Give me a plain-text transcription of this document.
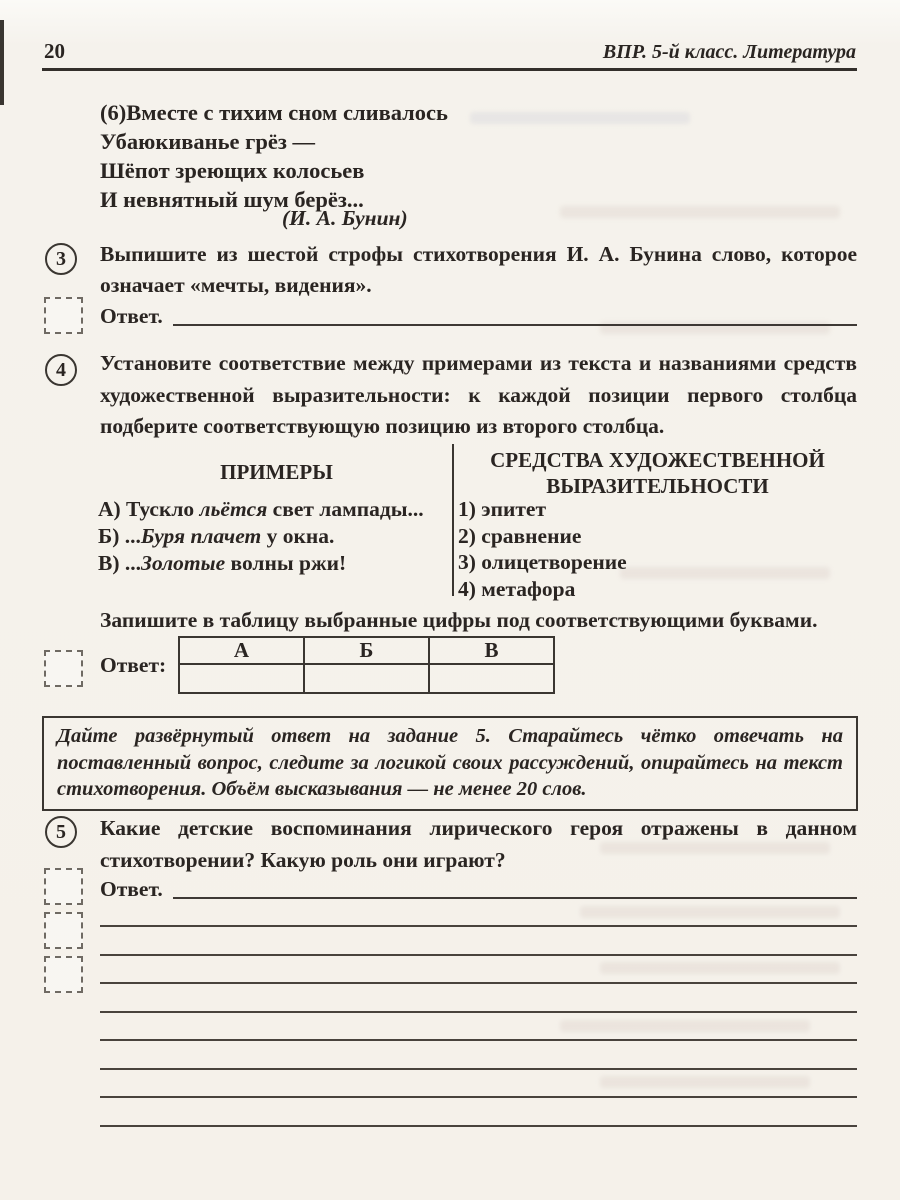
20	ВПР. 5-й класс. Литература
(6)Вместе с тихим сном сливалось
Убаюкиванье грёз —
Шёпот зреющих колосьев
И невнятный шум берёз...
(И. А. Бунин)
3 Выпишите из шестой строфы стихотворения И. А. Бунина слово, которое означает «мечты, видения».

Ответ.
4 Установите соответствие между примерами из текста и названиями средств художественной выразительности: к каждой позиции первого столбца подберите соответствующую позицию из второго столбца.

ПРИМЕРЫ	СРЕДСТВА ХУДОЖЕСТВЕННОЙ
ВЫРАЗИТЕЛЬНОСТИ

А) Тускло льётся свет лампады...
Б) ...Буря плачет у окна.
В) ...Золотые волны ржи!
1) эпитет
2) сравнение
3) олицетворение
4) метафора

Запишите в таблицу выбранные цифры под соответствующими буквами.

Ответ:
А	Б	В

Дайте развёрнутый ответ на задание 5. Старайтесь чётко отвечать на поставленный вопрос, следите за логикой своих рассуждений, опирайтесь на текст стихотворения. Объём высказывания — не менее 20 слов.
5 Какие детские воспоминания лирического героя отражены в данном стихотворении? Какую роль они играют?

Ответ.
